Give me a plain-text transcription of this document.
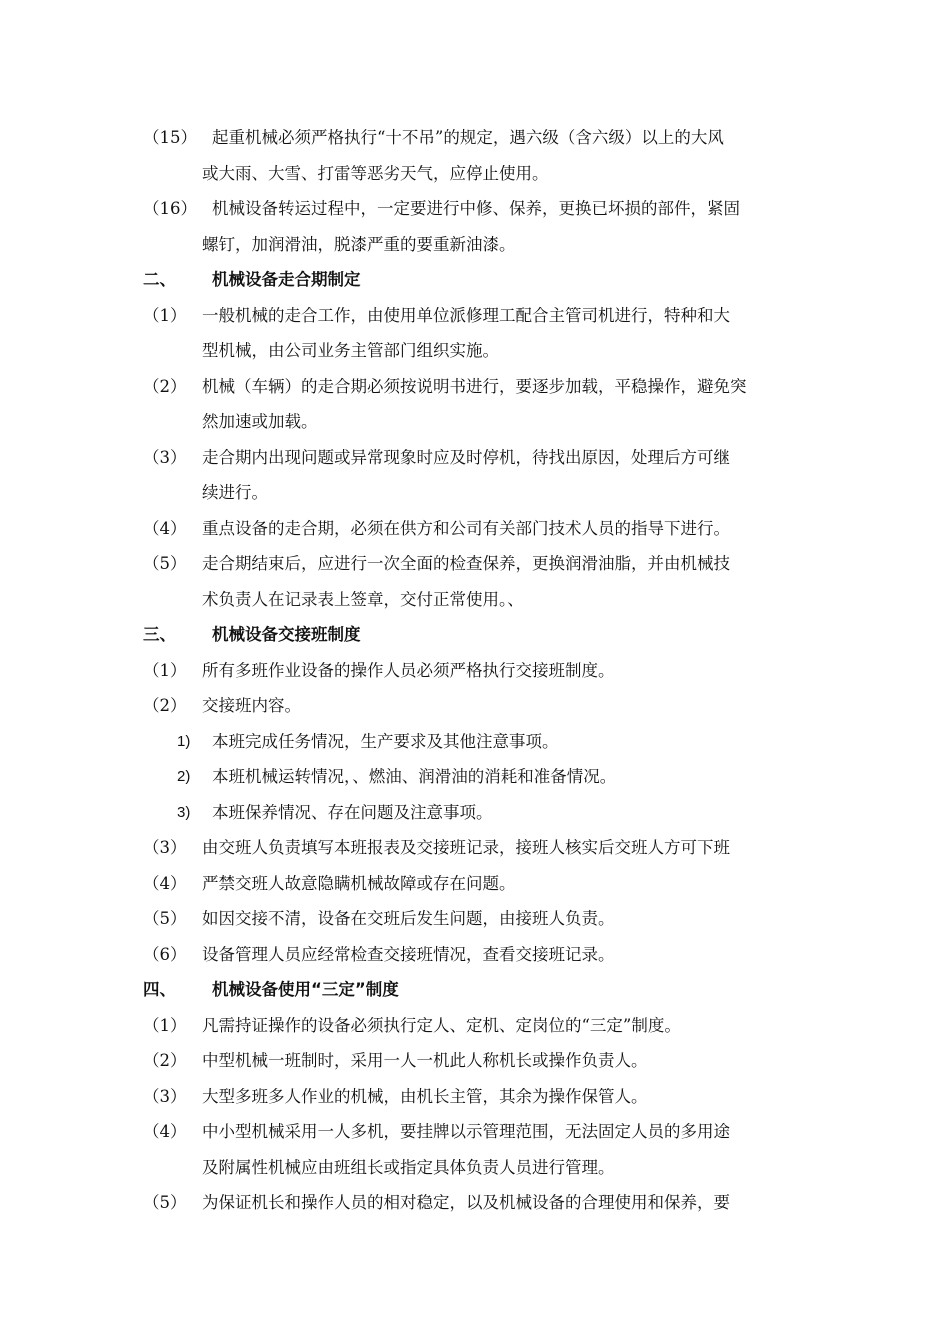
（15） 起重机械必须严格执行“十不吊”的规定，遇六级（含六级）以上的大风
或大雨、大雪、打雷等恶劣天气，应停止使用。
（16） 机械设备转运过程中，一定要进行中修、保养，更换已坏损的部件，紧固
螺钉，加润滑油，脱漆严重的要重新油漆。
二、 机械设备走合期制定
（1） 一般机械的走合工作，由使用单位派修理工配合主管司机进行，特种和大
型机械，由公司业务主管部门组织实施。
（2） 机械（车辆）的走合期必须按说明书进行，要逐步加载，平稳操作，避免突
然加速或加载。
（3） 走合期内出现问题或异常现象时应及时停机，待找出原因，处理后方可继
续进行。
（4） 重点设备的走合期，必须在供方和公司有关部门技术人员的指导下进行。
（5） 走合期结束后，应进行一次全面的检查保养，更换润滑油脂，并由机械技
术负责人在记录表上签章，交付正常使用。、
三、 机械设备交接班制度
（1） 所有多班作业设备的操作人员必须严格执行交接班制度。
（2） 交接班内容。
1) 本班完成任务情况，生产要求及其他注意事项。
2) 本班机械运转情况，、燃油、润滑油的消耗和准备情况。
3) 本班保养情况、存在问题及注意事项。
（3） 由交班人负责填写本班报表及交接班记录，接班人核实后交班人方可下班
（4） 严禁交班人故意隐瞒机械故障或存在问题。
（5） 如因交接不清，设备在交班后发生问题，由接班人负责。
（6） 设备管理人员应经常检查交接班情况，查看交接班记录。
四、 机械设备使用“三定”制度
（1） 凡需持证操作的设备必须执行定人、定机、定岗位的“三定”制度。
（2） 中型机械一班制时，采用一人一机此人称机长或操作负责人。
（3） 大型多班多人作业的机械，由机长主管，其余为操作保管人。
（4） 中小型机械采用一人多机，要挂牌以示管理范围，无法固定人员的多用途
及附属性机械应由班组长或指定具体负责人员进行管理。
（5） 为保证机长和操作人员的相对稳定，以及机械设备的合理使用和保养，要
